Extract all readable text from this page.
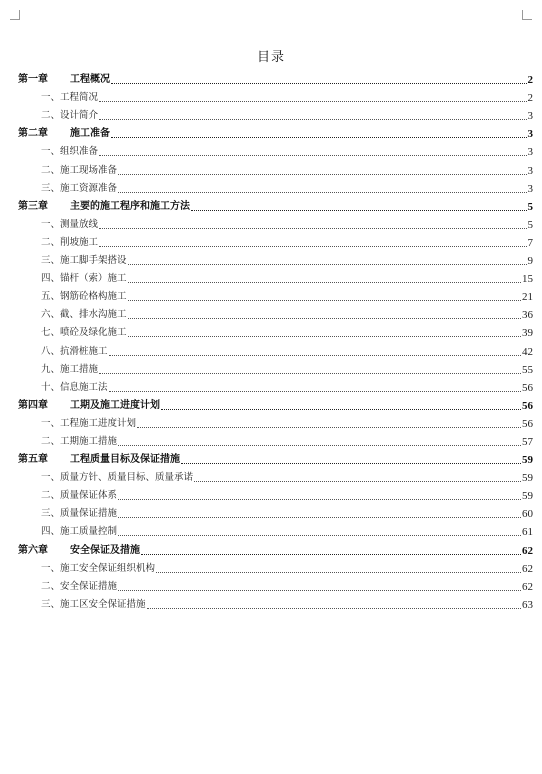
目录
第一章	工程概况	2
一、 工程简况	2
二、 设计简介	3
第二章	施工准备	3
一、 组织准备	3
二、 施工现场准备	3
三、 施工资源准备	3
第三章	主要的施工程序和施工方法	5
一、 测量放线	5
二、 削坡施工	7
三、 施工脚手架搭设	9
四、 锚杆（索）施工	15
五、 钢筋砼格构施工	21
六、 截、排水沟施工	36
七、 喷砼及绿化施工	39
八、 抗滑桩施工	42
九、 施工措施	55
十、 信息施工法	56
第四章	工期及施工进度计划	56
一、 工程施工进度计划	56
二、 工期施工措施	57
第五章	工程质量目标及保证措施	59
一、 质量方针、质量目标、质量承诺	59
二、 质量保证体系	59
三、 质量保证措施	60
四、 施工质量控制	61
第六章	安全保证及措施	62
一、 施工安全保证组织机构	62
二、 安全保证措施	62
三、 施工区安全保证措施	63
